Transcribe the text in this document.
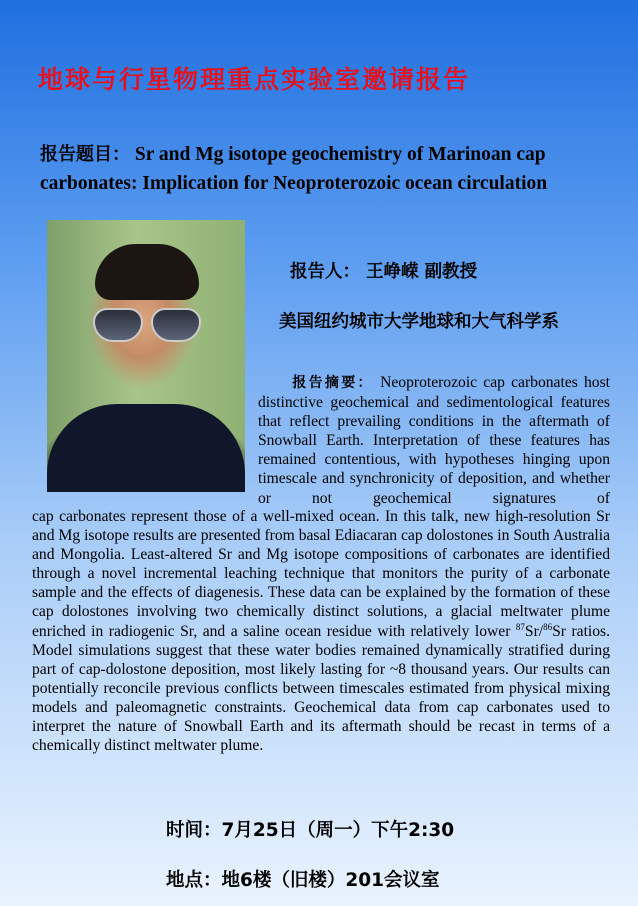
地球与行星物理重点实验室邀请报告
报告题目： Sr and Mg isotope geochemistry of Marinoan cap carbonates: Implication for Neoproterozoic ocean circulation
报告人： 王峥嵘 副教授
美国纽约城市大学地球和大气科学系
报告摘要： Neoproterozoic cap carbonates host distinctive geochemical and sedimentological features that reflect prevailing conditions in the aftermath of Snowball Earth. Interpretation of these features has remained contentious, with hypotheses hinging upon timescale and synchronicity of deposition, and whether or not geochemical signatures of
cap carbonates represent those of a well-mixed ocean. In this talk, new high-resolution Sr and Mg isotope results are presented from basal Ediacaran cap dolostones in South Australia and Mongolia. Least-altered Sr and Mg isotope compositions of carbonates are identified through a novel incremental leaching technique that monitors the purity of a carbonate sample and the effects of diagenesis. These data can be explained by the formation of these cap dolostones involving two chemically distinct solutions, a glacial meltwater plume enriched in radiogenic Sr, and a saline ocean residue with relatively lower $^{87}$Sr/$^{86}$Sr ratios. Model simulations suggest that these water bodies remained dynamically stratified during part of cap-dolostone deposition, most likely lasting for ~8 thousand years. Our results can potentially reconcile previous conflicts between timescales estimated from physical mixing models and paleomagnetic constraints. Geochemical data from cap carbonates used to interpret the nature of Snowball Earth and its aftermath should be recast in terms of a chemically distinct meltwater plume.
时间：7月25日（周一）下午2:30
地点：地6楼（旧楼）201会议室
